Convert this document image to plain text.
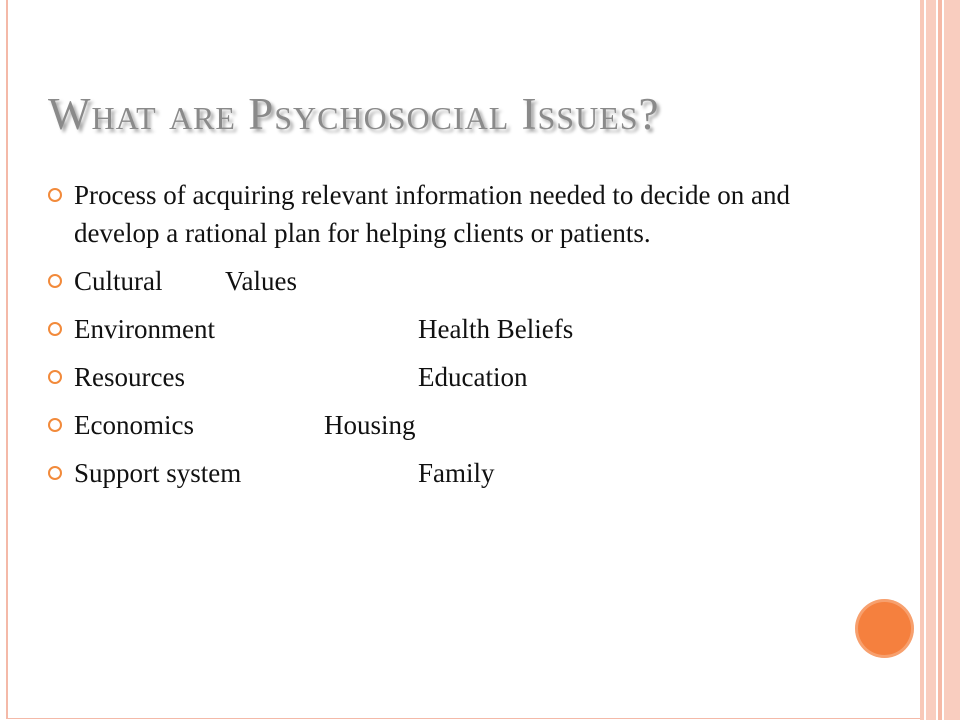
What are Psychosocial Issues?
Process of acquiring relevant information needed to decide on and develop a rational plan for helping clients or patients.
Cultural Values
Environment	Health Beliefs
Resources	Education
Economics	Housing
Support system	Family
